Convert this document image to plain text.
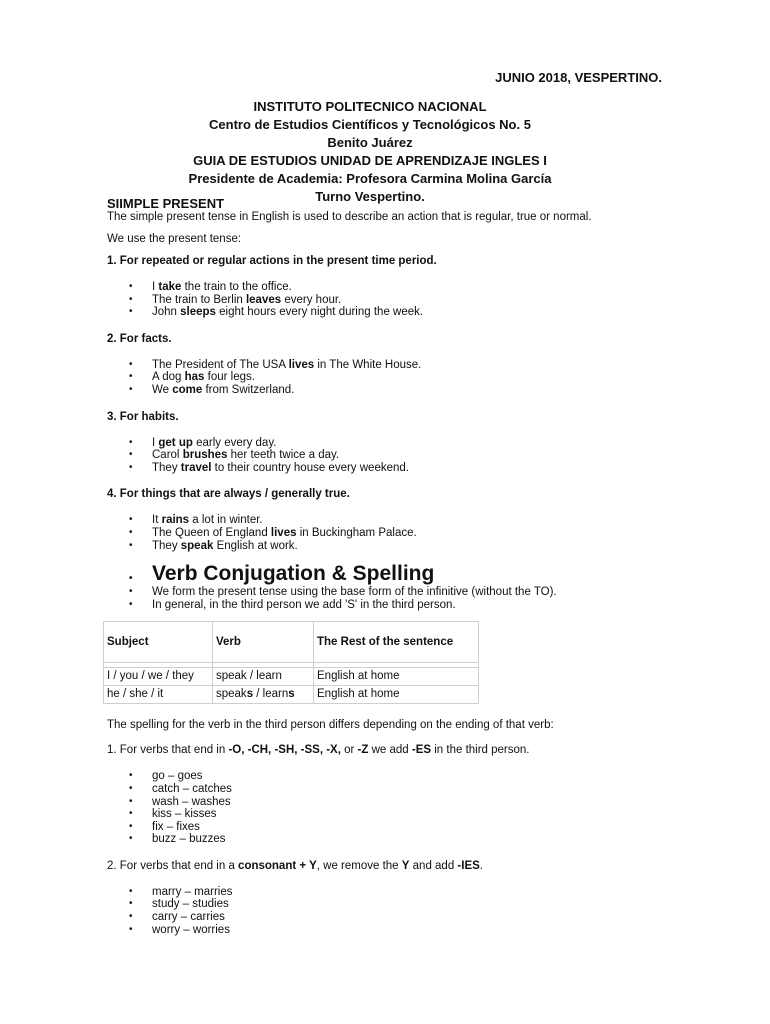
JUNIO 2018, VESPERTINO.
INSTITUTO POLITECNICO NACIONAL
Centro de Estudios Científicos y Tecnológicos No. 5
Benito Juárez
GUIA DE ESTUDIOS UNIDAD DE APRENDIZAJE INGLES I
Presidente de Academia: Profesora Carmina Molina García
Turno Vespertino.

SIIMPLE PRESENT

The simple present tense in English is used to describe an action that is regular, true or normal.

We use the present tense:

1. For repeated or regular actions in the present time period.

• I take the train to the office.
• The train to Berlin leaves every hour.
• John sleeps eight hours every night during the week.

2. For facts.

• The President of The USA lives in The White House.
• A dog has four legs.
• We come from Switzerland.

3. For habits.

• I get up early every day.
• Carol brushes her teeth twice a day.
• They travel to their country house every weekend.

4. For things that are always / generally true.

• It rains a lot in winter.
• The Queen of England lives in Buckingham Palace.
• They speak English at work.
• Verb Conjugation & Spelling
• We form the present tense using the base form of the infinitive (without the TO).
• In general, in the third person we add 'S' in the third person.
Subject	Verb	The Rest of the sentence

I / you / we / they	speak / learn	English at home
he / she / it	speaks / learns	English at home

The spelling for the verb in the third person differs depending on the ending of that verb:

1. For verbs that end in -O, -CH, -SH, -SS, -X, or -Z we add -ES in the third person.

• go – goes
• catch – catches
• wash – washes
• kiss – kisses
• fix – fixes
• buzz – buzzes

2. For verbs that end in a consonant + Y, we remove the Y and add -IES.

• marry – marries
• study – studies
• carry – carries
• worry – worries
